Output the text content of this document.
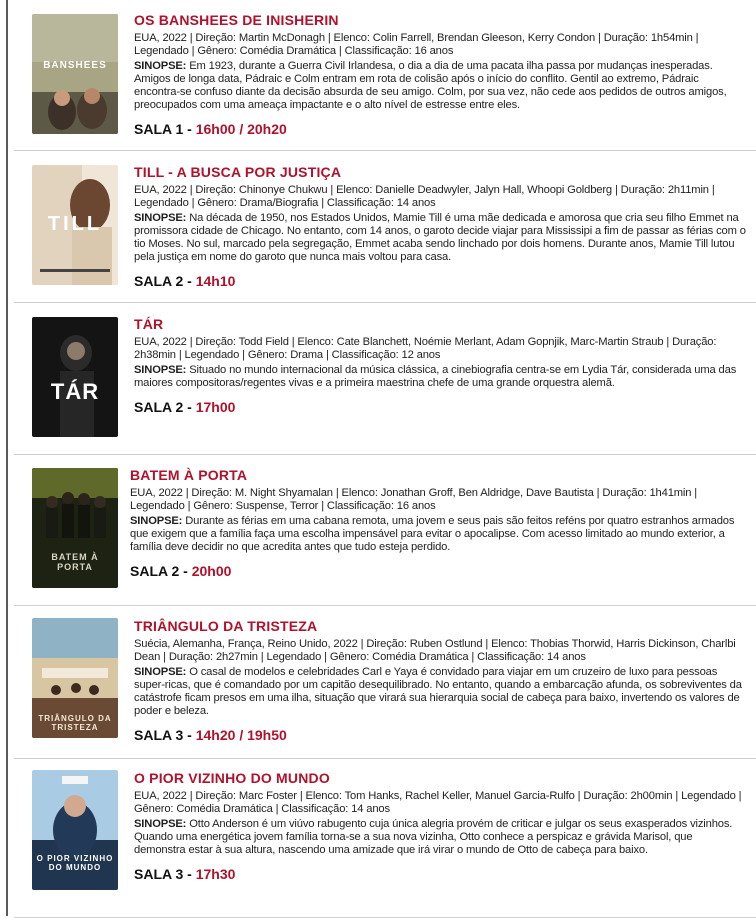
BANSHEES
OS BANSHEES DE INISHERIN

EUA, 2022 | Direção: Martin McDonagh | Elenco: Colin Farrell, Brendan Gleeson, Kerry Condon | Duração: 1h54min | Legendado | Gênero: Comédia Dramática | Classificação: 16 anos

SINOPSE: Em 1923, durante a Guerra Civil Irlandesa, o dia a dia de uma pacata ilha passa por mudanças inesperadas. Amigos de longa data, Pádraic e Colm entram em rota de colisão após o início do conflito. Gentil ao extremo, Pádraic encontra-se confuso diante da decisão absurda de seu amigo. Colm, por sua vez, não cede aos pedidos de outros amigos, preocupados com uma ameaça impactante e o alto nível de estresse entre eles.

SALA 1 - 16h00 / 20h20
TILL
TILL - A BUSCA POR JUSTIÇA

EUA, 2022 | Direção: Chinonye Chukwu | Elenco: Danielle Deadwyler, Jalyn Hall, Whoopi Goldberg | Duração: 2h11min | Legendado | Gênero: Drama/Biografia | Classificação: 14 anos

SINOPSE: Na década de 1950, nos Estados Unidos, Mamie Till é uma mãe dedicada e amorosa que cria seu filho Emmet na promissora cidade de Chicago. No entanto, com 14 anos, o garoto decide viajar para Mississipi a fim de passar as férias com o tio Moses. No sul, marcado pela segregação, Emmet acaba sendo linchado por dois homens. Durante anos, Mamie Till lutou pela justiça em nome do garoto que nunca mais voltou para casa.

SALA 2 - 14h10
TÁR
TÁR

EUA, 2022 | Direção: Todd Field | Elenco: Cate Blanchett, Noémie Merlant, Adam Gopnjik, Marc-Martin Straub | Duração: 2h38min | Legendado | Gênero: Drama | Classificação: 12 anos

SINOPSE: Situado no mundo internacional da música clássica, a cinebiografia centra-se em Lydia Tár, considerada uma das maiores compositoras/regentes vivas e a primeira maestrina chefe de uma grande orquestra alemã.

SALA 2 - 17h00
BATEM À PORTA
BATEM À PORTA

EUA, 2022 | Direção: M. Night Shyamalan | Elenco: Jonathan Groff, Ben Aldridge, Dave Bautista | Duração: 1h41min | Legendado | Gênero: Suspense, Terror | Classificação: 16 anos

SINOPSE: Durante as férias em uma cabana remota, uma jovem e seus pais são feitos reféns por quatro estranhos armados que exigem que a família faça uma escolha impensável para evitar o apocalipse. Com acesso limitado ao mundo exterior, a família deve decidir no que acredita antes que tudo esteja perdido.

SALA 2 - 20h00
TRIÂNGULO DA TRISTEZA
TRIÂNGULO DA TRISTEZA

Suécia, Alemanha, França, Reino Unido, 2022 | Direção: Ruben Ostlund | Elenco: Thobias Thorwid, Harris Dickinson, Charlbi Dean | Duração: 2h27min | Legendado | Gênero: Comédia Dramática | Classificação: 14 anos

SINOPSE: O casal de modelos e celebridades Carl e Yaya é convidado para viajar em um cruzeiro de luxo para pessoas super-ricas, que é comandado por um capitão desequilibrado. No entanto, quando a embarcação afunda, os sobreviventes da catástrofe ficam presos em uma ilha, situação que virará sua hierarquia social de cabeça para baixo, invertendo os valores de poder e beleza.

SALA 3 - 14h20 / 19h50
O PIOR VIZINHO DO MUNDO
O PIOR VIZINHO DO MUNDO

EUA, 2022 | Direção: Marc Foster | Elenco: Tom Hanks, Rachel Keller, Manuel Garcia-Rulfo | Duração: 2h00min | Legendado | Gênero: Comédia Dramática | Classificação: 14 anos

SINOPSE: Otto Anderson é um viúvo rabugento cuja única alegria provém de criticar e julgar os seus exasperados vizinhos. Quando uma energética jovem família torna-se a sua nova vizinha, Otto conhece a perspicaz e grávida Marisol, que demonstra estar à sua altura, nascendo uma amizade que irá virar o mundo de Otto de cabeça para baixo.

SALA 3 - 17h30
